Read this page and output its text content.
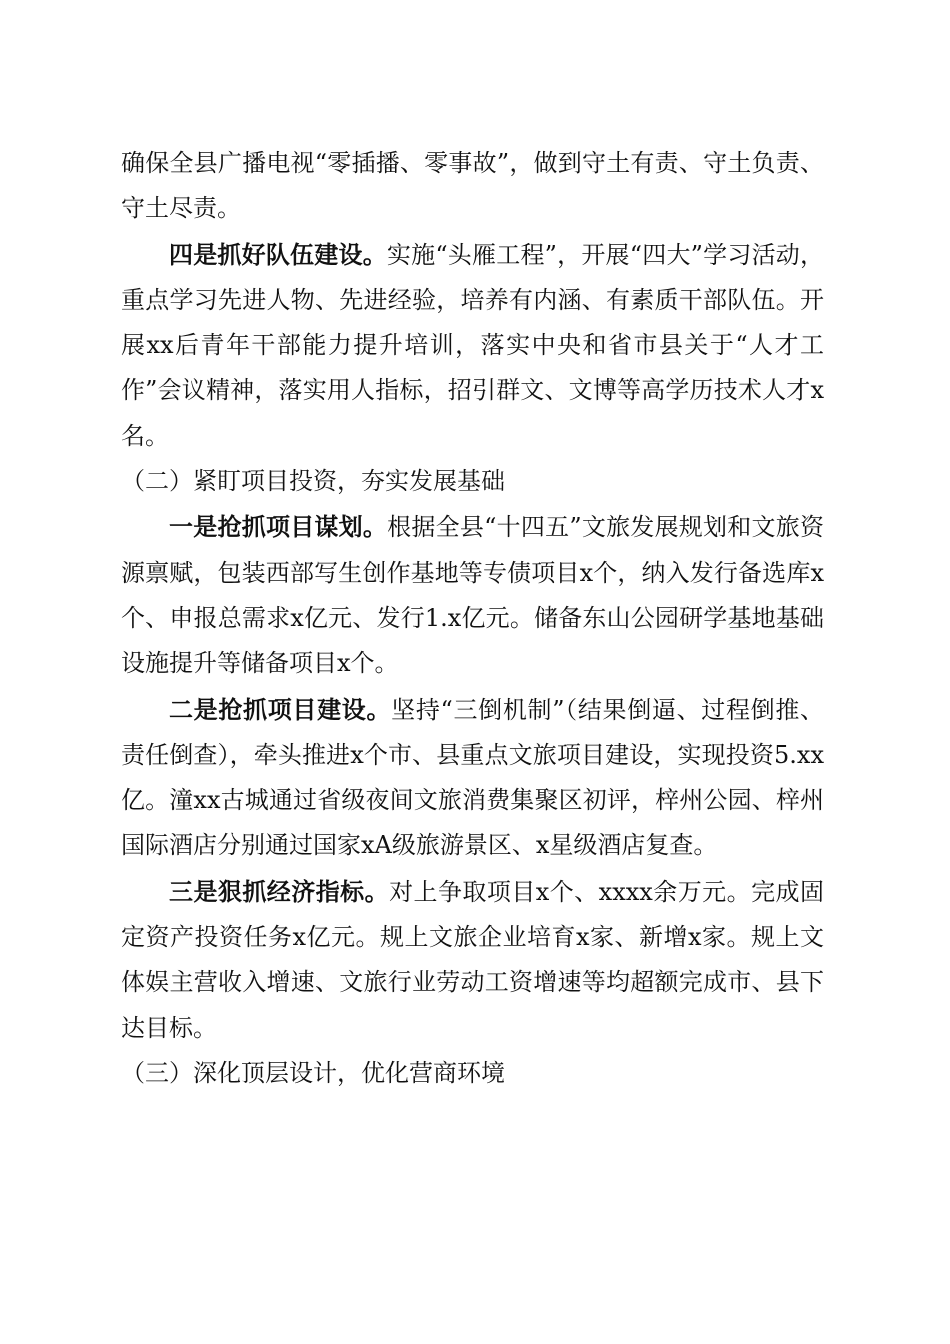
确保全县广播电视“零插播、零事故”，做到守土有责、守土负责、守土尽责。

四是抓好队伍建设。实施“头雁工程”，开展“四大”学习活动，重点学习先进人物、先进经验，培养有内涵、有素质干部队伍。开展xx后青年干部能力提升培训，落实中央和省市县关于“人才工作”会议精神，落实用人指标，招引群文、文博等高学历技术人才x名。

（二）紧盯项目投资，夯实发展基础

一是抢抓项目谋划。根据全县“十四五”文旅发展规划和文旅资源禀赋，包装西部写生创作基地等专债项目x个，纳入发行备选库x个、申报总需求x亿元、发行1.x亿元。储备东山公园研学基地基础设施提升等储备项目x个。

二是抢抓项目建设。坚持“三倒机制”（结果倒逼、过程倒推、责任倒查），牵头推进x个市、县重点文旅项目建设，实现投资5.xx亿。潼xx古城通过省级夜间文旅消费集聚区初评，梓州公园、梓州国际酒店分别通过国家xA级旅游景区、x星级酒店复查。

三是狠抓经济指标。对上争取项目x个、xxxx余万元。完成固定资产投资任务x亿元。规上文旅企业培育x家、新增x家。规上文体娱主营收入增速、文旅行业劳动工资增速等均超额完成市、县下达目标。

（三）深化顶层设计，优化营商环境
